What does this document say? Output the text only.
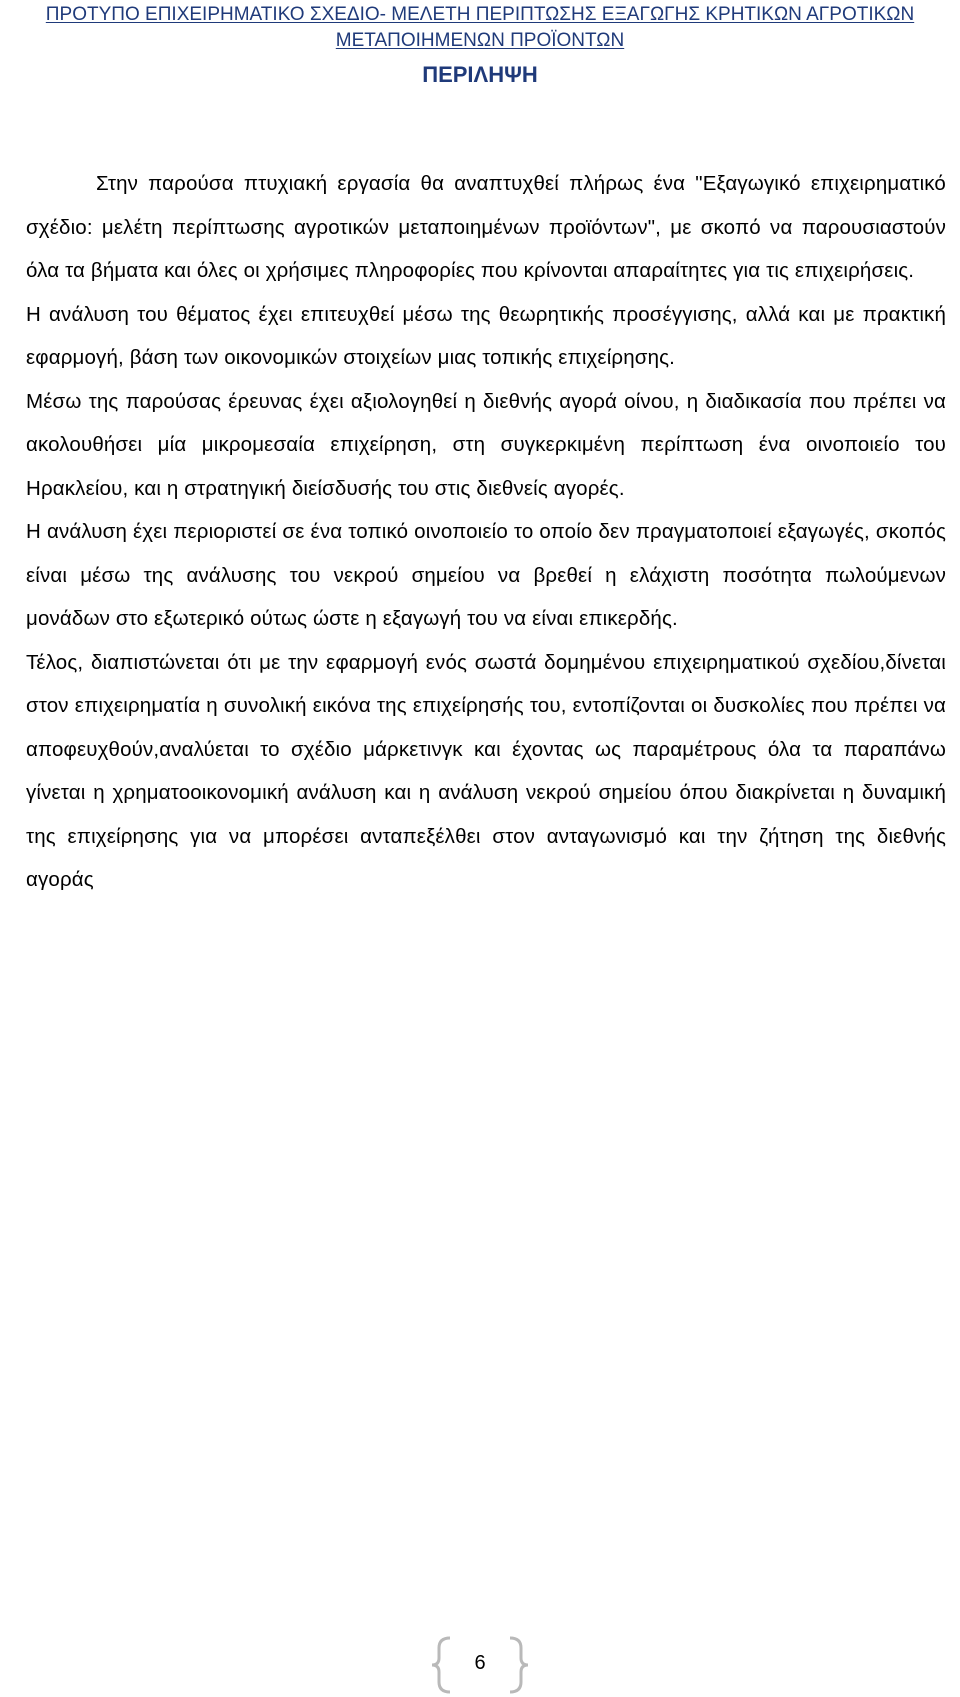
ΠΡΟΤΥΠΟ ΕΠΙΧΕΙΡΗΜΑΤΙΚΟ ΣΧΕΔΙΟ- ΜΕΛΕΤΗ ΠΕΡΙΠΤΩΣΗΣ ΕΞΑΓΩΓΗΣ ΚΡΗΤΙΚΩΝ ΑΓΡΟΤΙΚΩΝ ΜΕΤΑΠΟΙΗΜΕΝΩΝ ΠΡΟΪΟΝΤΩΝ
ΠΕΡΙΛΗΨΗ

Στην παρούσα πτυχιακή εργασία θα αναπτυχθεί πλήρως ένα "Εξαγωγικό επιχειρηματικό σχέδιο: μελέτη περίπτωσης αγροτικών μεταποιημένων προϊόντων", με σκοπό να παρουσιαστούν όλα τα βήματα και όλες οι χρήσιμες πληροφορίες που κρίνονται απαραίτητες για τις επιχειρήσεις.

Η ανάλυση του θέματος έχει επιτευχθεί μέσω της θεωρητικής προσέγγισης, αλλά και με πρακτική εφαρμογή, βάση των οικονομικών στοιχείων μιας τοπικής επιχείρησης.

Μέσω της παρούσας έρευνας έχει αξιολογηθεί η διεθνής αγορά οίνου, η διαδικασία που πρέπει να ακολουθήσει μία μικρομεσαία επιχείρηση, στη συγκερκιμένη περίπτωση ένα οινοποιείο του Ηρακλείου, και η στρατηγική διείσδυσής του στις διεθνείς αγορές.

Η ανάλυση έχει περιοριστεί σε ένα τοπικό οινοποιείο το οποίο δεν πραγματοποιεί εξαγωγές, σκοπός είναι μέσω της ανάλυσης του νεκρού σημείου να βρεθεί η ελάχιστη ποσότητα πωλούμενων μονάδων στο εξωτερικό ούτως ώστε η εξαγωγή του να είναι επικερδής.

Τέλος, διαπιστώνεται ότι με την εφαρμογή ενός σωστά δομημένου επιχειρηματικού σχεδίου,δίνεται στον επιχειρηματία η συνολική εικόνα της επιχείρησής του, εντοπίζονται οι δυσκολίες που πρέπει να αποφευχθούν,αναλύεται το σχέδιο μάρκετινγκ και έχοντας ως παραμέτρους όλα τα παραπάνω γίνεται η χρηματοοικονομική ανάλυση και η ανάλυση νεκρού σημείου όπου διακρίνεται η δυναμική της επιχείρησης για να μπορέσει ανταπεξέλθει στον ανταγωνισμό και την ζήτηση της διεθνής αγοράς

6
